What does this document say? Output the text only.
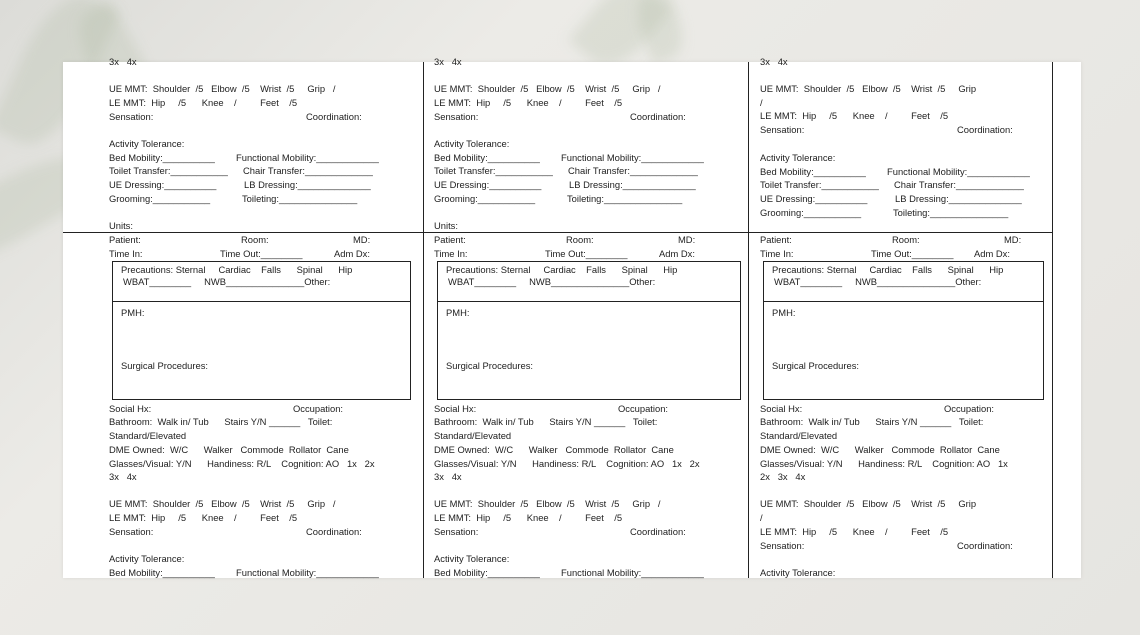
3x   4x
UE MMT:  Shoulder  /5   Elbow  /5    Wrist  /5     Grip   /
LE MMT:  Hip     /5      Knee    /         Feet    /5
Sensation:	Coordination:
Activity Tolerance:
Bed Mobility:__________ Functional Mobility:____________
Toilet Transfer:___________ Chair Transfer:_____________
UE Dressing:__________	LB Dressing:______________
Grooming:___________	Toileting:_______________
Units:
Patient:	Room:	MD:
Time In:	Time Out:________	Adm Dx:
Precautions: Sternal     Cardiac    Falls      Spinal      Hip
WBAT________     NWB_______________Other:
PMH:
Surgical Procedures:
Social Hx:	Occupation:
Bathroom:  Walk in/ Tub      Stairs Y/N ______   Toilet:
Standard/Elevated
DME Owned:  W/C      Walker   Commode  Rollator  Cane
Glasses/Visual: Y/N      Handiness: R/L    Cognition: AO   1x   2x
3x   4x
UE MMT:  Shoulder  /5   Elbow  /5    Wrist  /5     Grip   /
LE MMT:  Hip     /5      Knee    /         Feet    /5
Sensation:	Coordination:
Activity Tolerance:
Bed Mobility:__________ Functional Mobility:____________
3x   4x
UE MMT:  Shoulder  /5   Elbow  /5    Wrist  /5     Grip   /
LE MMT:  Hip     /5      Knee    /         Feet    /5
Sensation:	Coordination:
Activity Tolerance:
Bed Mobility:__________ Functional Mobility:____________
Toilet Transfer:___________ Chair Transfer:_____________
UE Dressing:__________	LB Dressing:______________
Grooming:___________	Toileting:_______________
Units:
Patient:	Room:	MD:
Time In:	Time Out:________	Adm Dx:
Precautions: Sternal     Cardiac    Falls      Spinal      Hip
WBAT________     NWB_______________Other:
PMH:
Surgical Procedures:
Social Hx:	Occupation:
Bathroom:  Walk in/ Tub      Stairs Y/N ______   Toilet:
Standard/Elevated
DME Owned:  W/C      Walker   Commode  Rollator  Cane
Glasses/Visual: Y/N      Handiness: R/L    Cognition: AO   1x   2x
3x   4x
UE MMT:  Shoulder  /5   Elbow  /5    Wrist  /5     Grip   /
LE MMT:  Hip     /5      Knee    /         Feet    /5
Sensation:	Coordination:
Activity Tolerance:
Bed Mobility:__________ Functional Mobility:____________
3x   4x
UE MMT:  Shoulder  /5   Elbow  /5    Wrist  /5     Grip
/
LE MMT:  Hip     /5      Knee    /         Feet    /5
Sensation:	Coordination:
Activity Tolerance:
Bed Mobility:__________ Functional Mobility:____________
Toilet Transfer:___________ Chair Transfer:_____________
UE Dressing:__________	LB Dressing:______________
Grooming:___________	Toileting:_______________
Patient:	Room:	MD:
Time In:	Time Out:________ Adm Dx:
Precautions: Sternal     Cardiac    Falls      Spinal      Hip
WBAT________     NWB_______________Other:
PMH:
Surgical Procedures:
Social Hx:	Occupation:
Bathroom:  Walk in/ Tub      Stairs Y/N ______   Toilet:
Standard/Elevated
DME Owned:  W/C      Walker   Commode  Rollator  Cane
Glasses/Visual: Y/N      Handiness: R/L    Cognition: AO   1x
2x   3x   4x
UE MMT:  Shoulder  /5   Elbow  /5    Wrist  /5     Grip
/
LE MMT:  Hip     /5      Knee    /         Feet    /5
Sensation:	Coordination:
Activity Tolerance:
